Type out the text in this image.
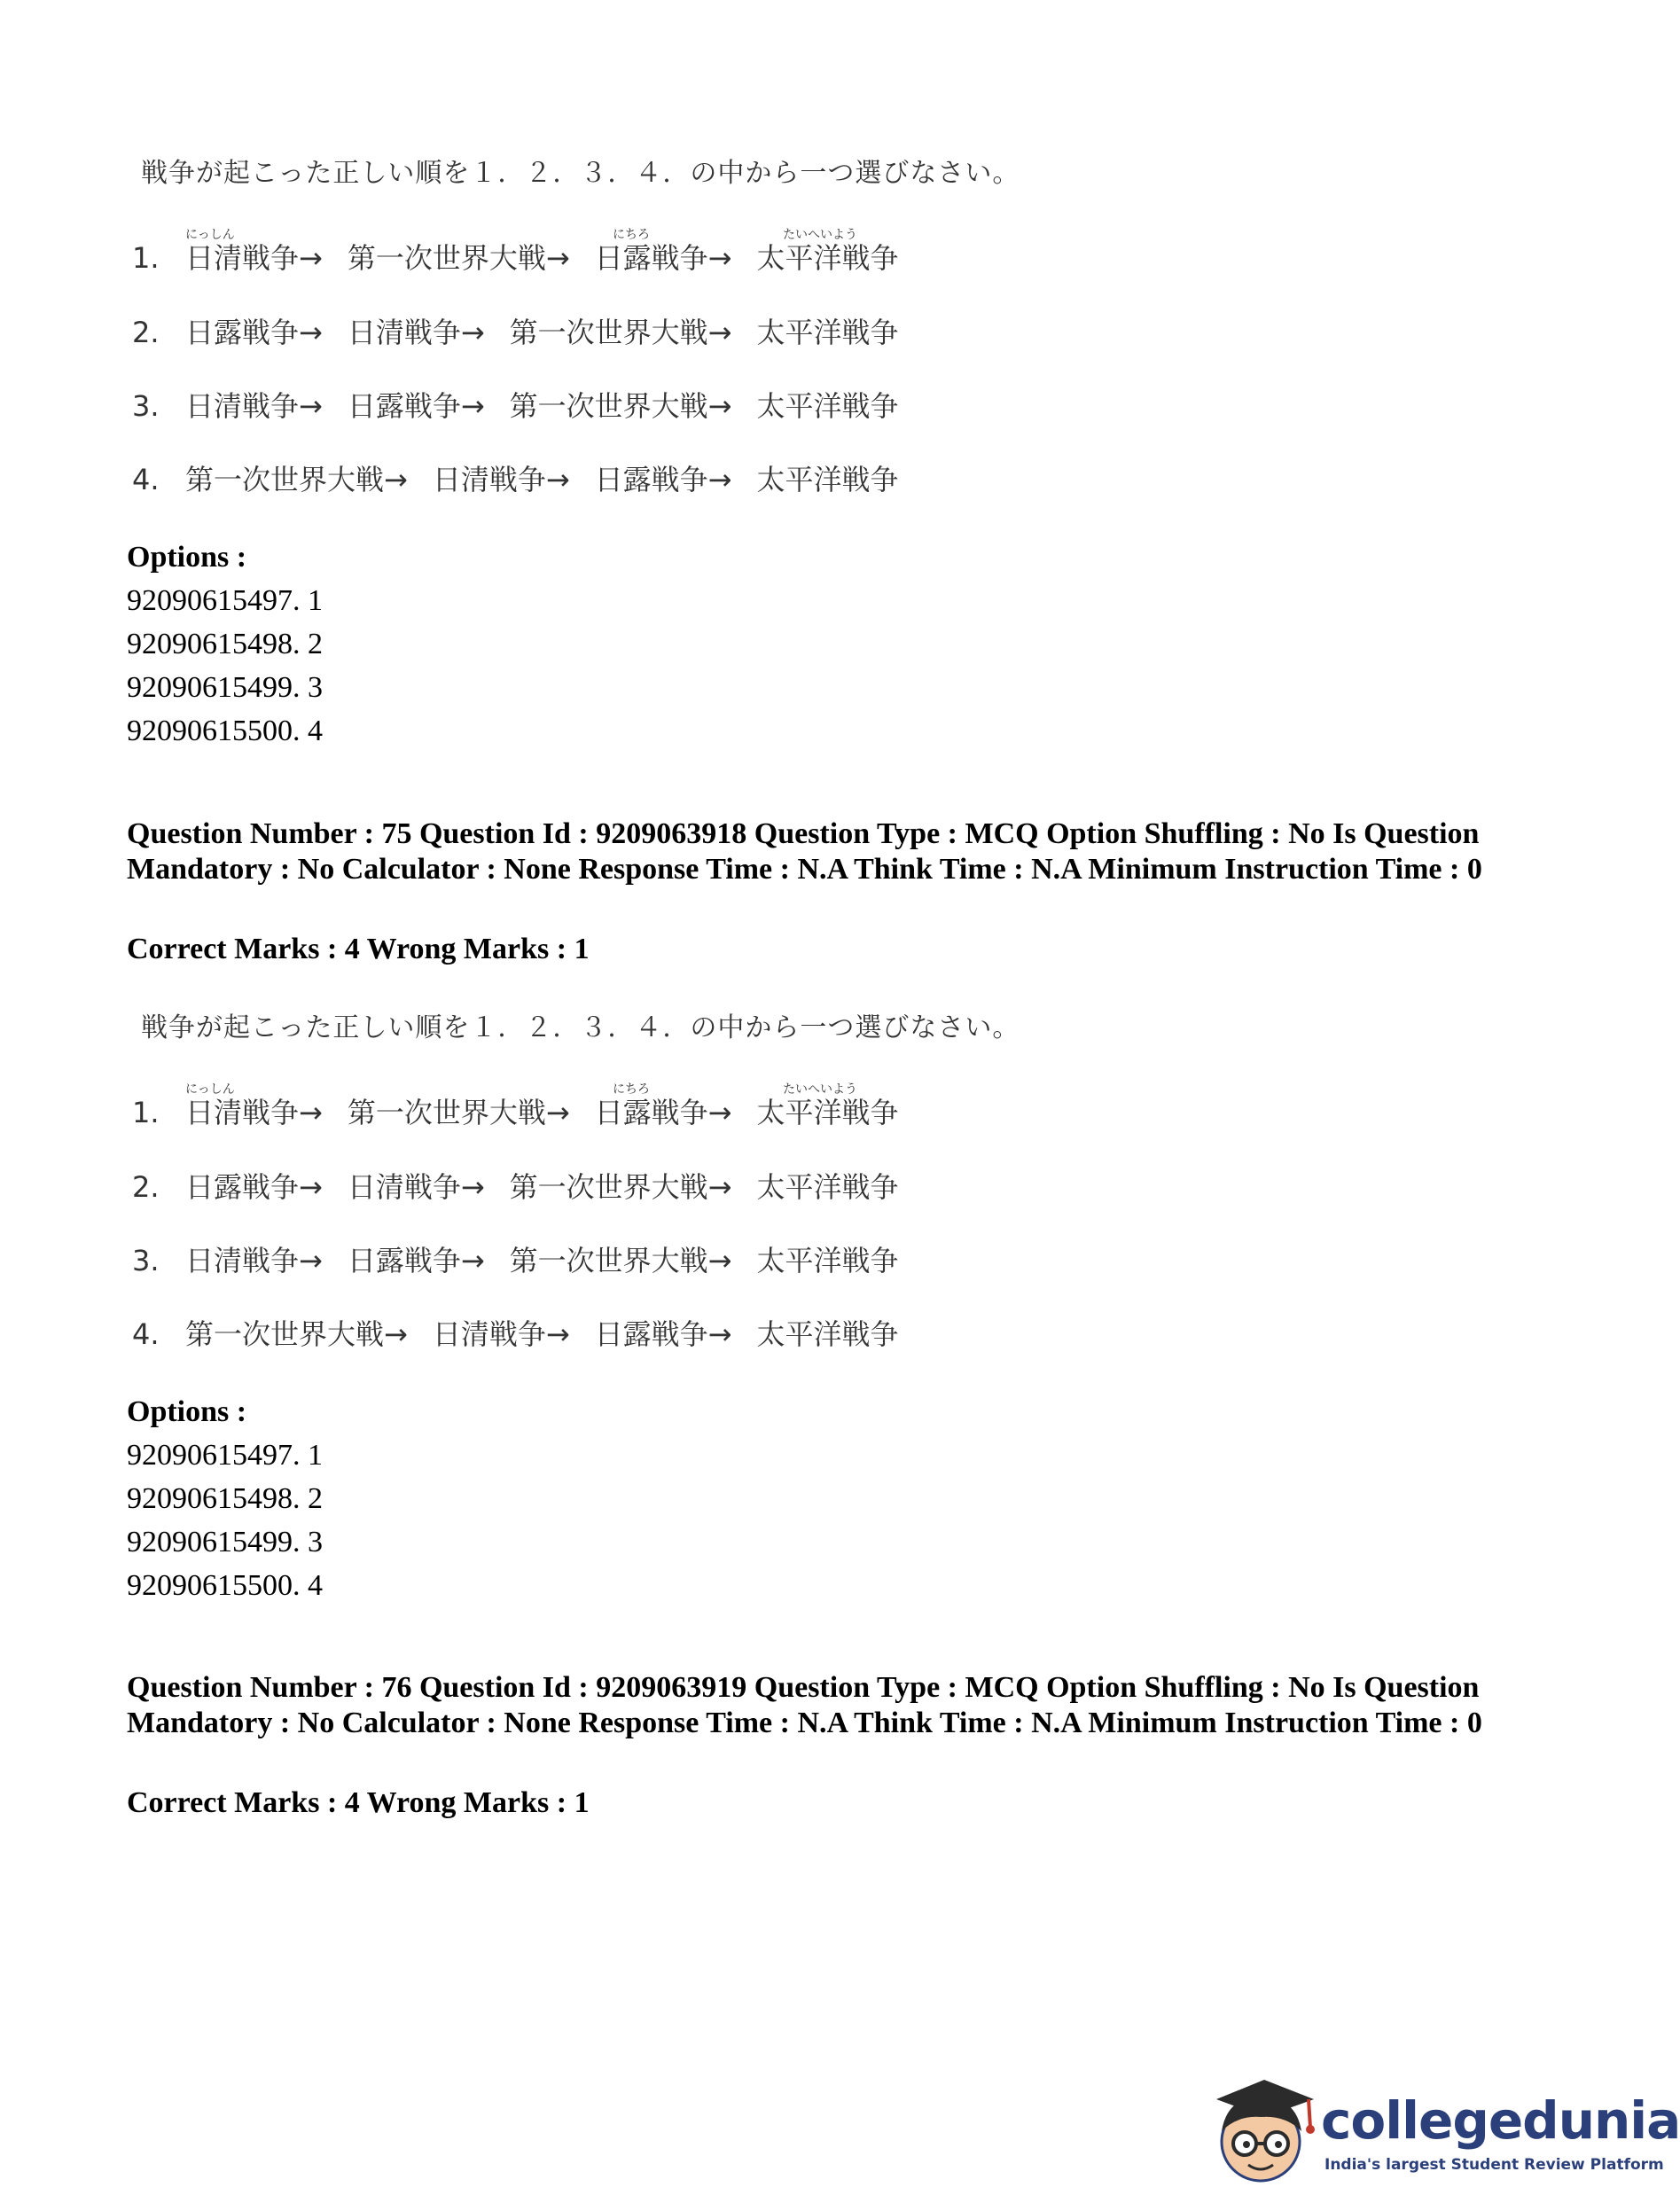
戦争が起こった正しい順を１．２．３．４．の中から一つ選びなさい。
にっしん	にちろ	たいへいよう
1. 日清戦争→ 第一次世界大戦→ 日露戦争→ 太平洋戦争
2. 日露戦争→ 日清戦争→ 第一次世界大戦→ 太平洋戦争
3. 日清戦争→ 日露戦争→ 第一次世界大戦→ 太平洋戦争
4. 第一次世界大戦→ 日清戦争→ 日露戦争→ 太平洋戦争
Options :
92090615497. 1
92090615498. 2
92090615499. 3
92090615500. 4
Question Number : 75 Question Id : 9209063918 Question Type : MCQ Option Shuffling : No Is Question Mandatory : No Calculator : None Response Time : N.A Think Time : N.A Minimum Instruction Time : 0
Correct Marks : 4 Wrong Marks : 1
戦争が起こった正しい順を１．２．３．４．の中から一つ選びなさい。
にっしん	にちろ	たいへいよう
1. 日清戦争→ 第一次世界大戦→ 日露戦争→ 太平洋戦争
2. 日露戦争→ 日清戦争→ 第一次世界大戦→ 太平洋戦争
3. 日清戦争→ 日露戦争→ 第一次世界大戦→ 太平洋戦争
4. 第一次世界大戦→ 日清戦争→ 日露戦争→ 太平洋戦争
Options :
92090615497. 1
92090615498. 2
92090615499. 3
92090615500. 4
Question Number : 76 Question Id : 9209063919 Question Type : MCQ Option Shuffling : No Is Question Mandatory : No Calculator : None Response Time : N.A Think Time : N.A Minimum Instruction Time : 0
Correct Marks : 4 Wrong Marks : 1
collegedunia
India's largest Student Review Platform
